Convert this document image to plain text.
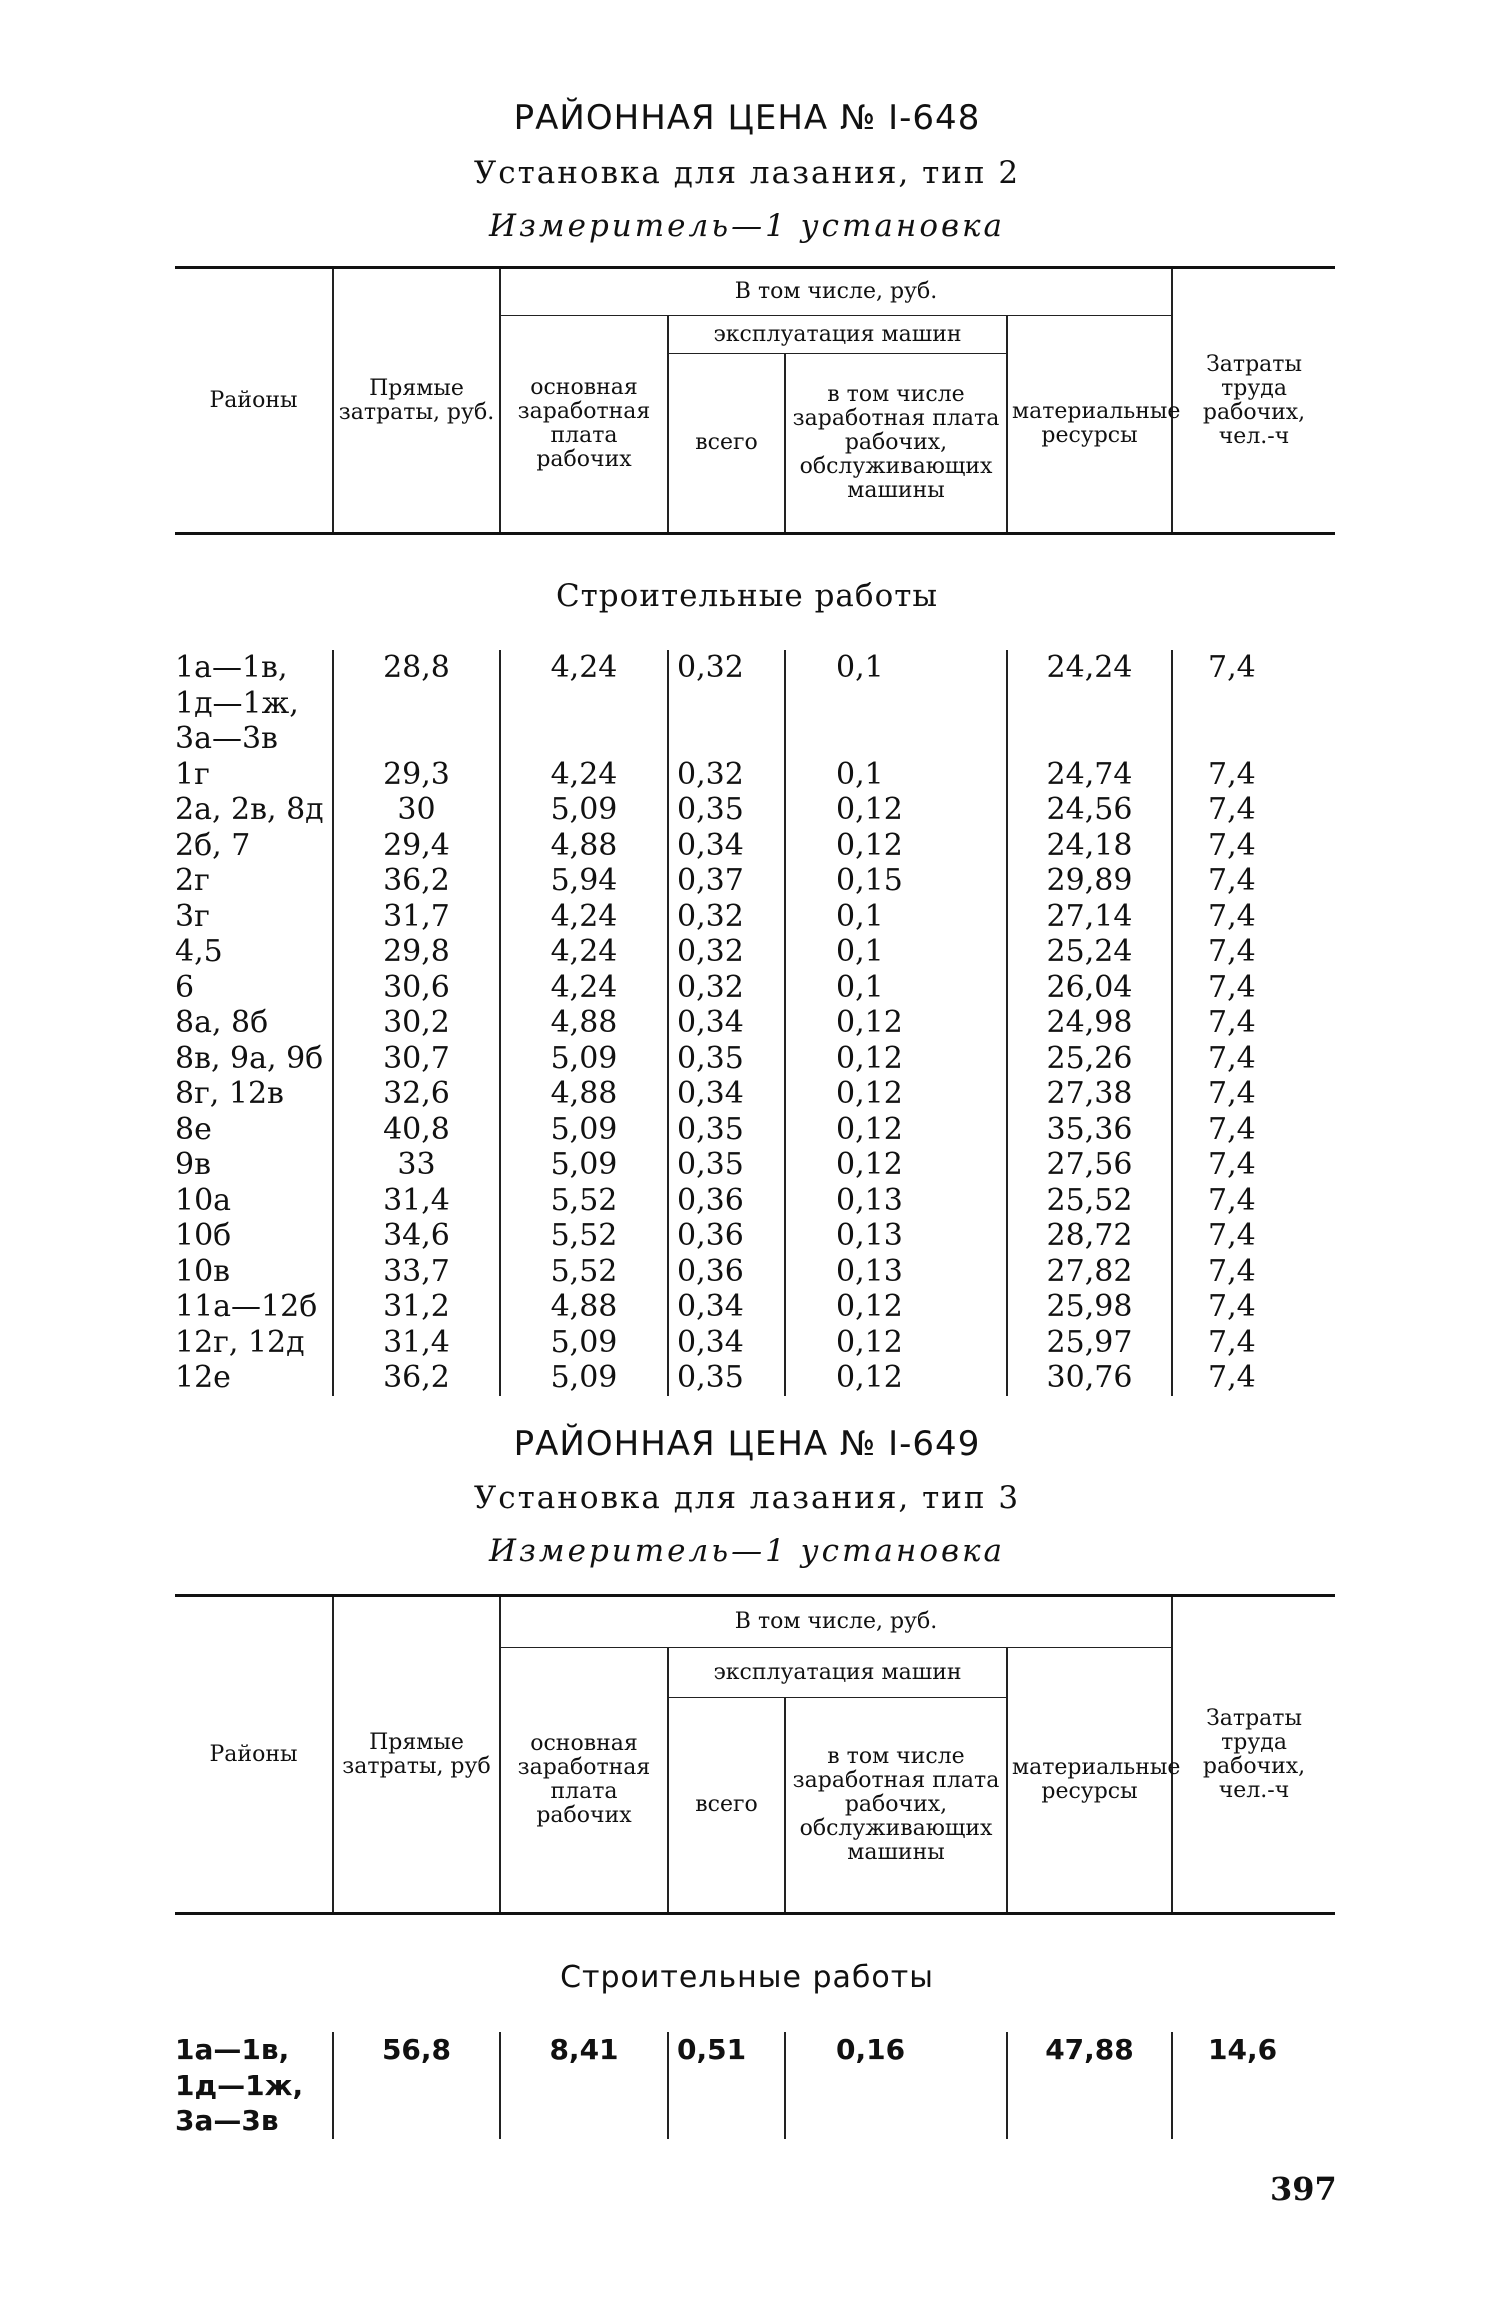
РАЙОННАЯ ЦЕНА № I-648
Установка для лазания, тип 2
Измеритель—1 установка
Районы	Прямые затраты, руб.	В том числе, руб.				Затраты труда рабочих, чел.-ч
		основная заработная плата рабочих	эксплуатация машин		материальные ресурсы	
			всего	в том числе заработная плата рабочих, обслуживающих машины		
Строительные работы
1а—1в,
1д—1ж,
3а—3в	28,8	4,24	0,32	0,1	24,24	7,4
1г	29,3	4,24	0,32	0,1	24,74	7,4
2а, 2в, 8д	30	5,09	0,35	0,12	24,56	7,4
2б, 7	29,4	4,88	0,34	0,12	24,18	7,4
2г	36,2	5,94	0,37	0,15	29,89	7,4
3г	31,7	4,24	0,32	0,1	27,14	7,4
4,5	29,8	4,24	0,32	0,1	25,24	7,4
6	30,6	4,24	0,32	0,1	26,04	7,4
8а, 8б	30,2	4,88	0,34	0,12	24,98	7,4
8в, 9а, 9б	30,7	5,09	0,35	0,12	25,26	7,4
8г, 12в	32,6	4,88	0,34	0,12	27,38	7,4
8е	40,8	5,09	0,35	0,12	35,36	7,4
9в	33	5,09	0,35	0,12	27,56	7,4
10а	31,4	5,52	0,36	0,13	25,52	7,4
10б	34,6	5,52	0,36	0,13	28,72	7,4
10в	33,7	5,52	0,36	0,13	27,82	7,4
11а—12б	31,2	4,88	0,34	0,12	25,98	7,4
12г, 12д	31,4	5,09	0,34	0,12	25,97	7,4
12е	36,2	5,09	0,35	0,12	30,76	7,4
РАЙОННАЯ ЦЕНА № I-649
Установка для лазания, тип 3
Измеритель—1 установка
Районы	Прямые затраты, руб	В том числе, руб.				Затраты труда рабочих, чел.-ч
		основная заработная плата рабочих	эксплуатация машин		материальные ресурсы	
			всего	в том числе заработная плата рабочих, обслуживающих машины		
Строительные работы
1а—1в,
1д—1ж,
3а—3в	56,8	8,41	0,51	0,16	47,88	14,6
397
